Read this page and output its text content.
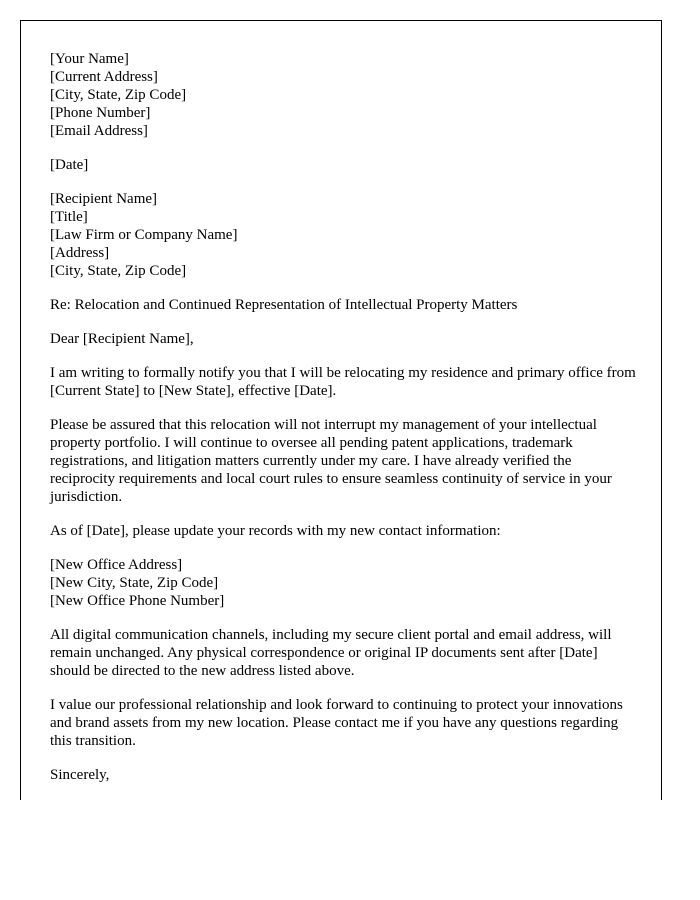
[Your Name]
[Current Address]
[City, State, Zip Code]
[Phone Number]
[Email Address]
[Date]
[Recipient Name]
[Title]
[Law Firm or Company Name]
[Address]
[City, State, Zip Code]
Re: Relocation and Continued Representation of Intellectual Property Matters
Dear [Recipient Name],

I am writing to formally notify you that I will be relocating my residence and primary office from [Current State] to [New State], effective [Date].

Please be assured that this relocation will not interrupt my management of your intellectual property portfolio. I will continue to oversee all pending patent applications, trademark registrations, and litigation matters currently under my care. I have already verified the reciprocity requirements and local court rules to ensure seamless continuity of service in your jurisdiction.

As of [Date], please update your records with my new contact information:

[New Office Address]
[New City, State, Zip Code]
[New Office Phone Number]

All digital communication channels, including my secure client portal and email address, will remain unchanged. Any physical correspondence or original IP documents sent after [Date] should be directed to the new address listed above.

I value our professional relationship and look forward to continuing to protect your innovations and brand assets from my new location. Please contact me if you have any questions regarding this transition.

Sincerely,
